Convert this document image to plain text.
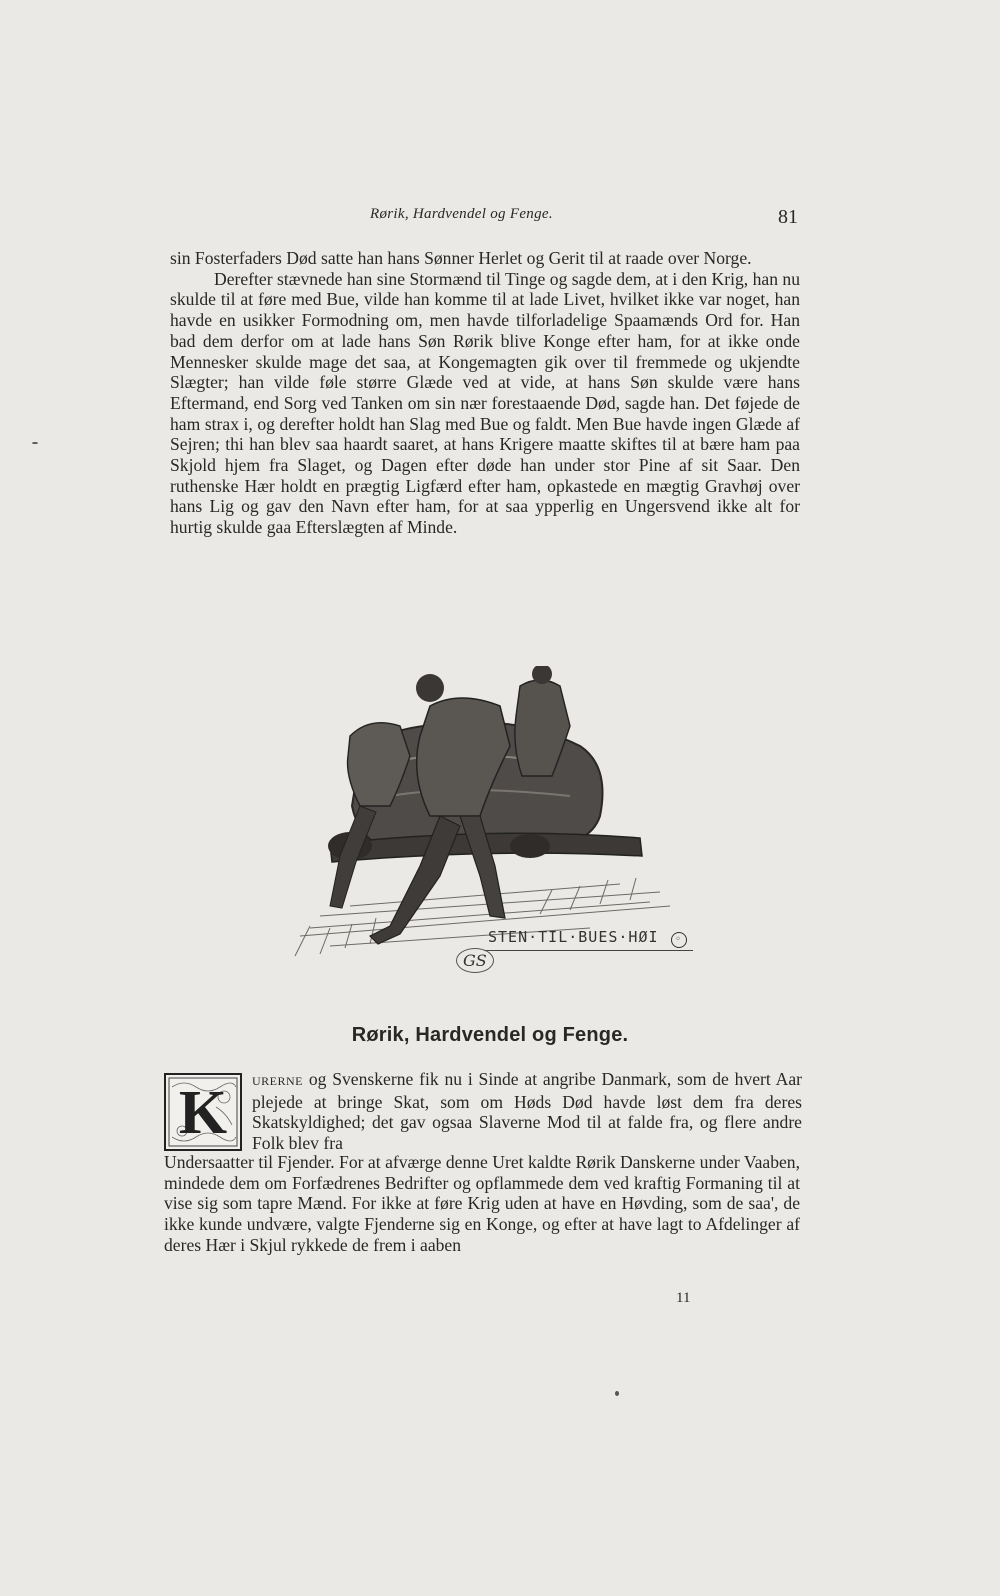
Rørik, Hardvendel og Fenge.	81

sin Fosterfaders Død satte han hans Sønner Herlet og Gerit til at raade over Norge.

Derefter stævnede han sine Stormænd til Tinge og sagde dem, at i den Krig, han nu skulde til at føre med Bue, vilde han komme til at lade Livet, hvilket ikke var noget, han havde en usikker Formodning om, men havde tilforladelige Spaamænds Ord for. Han bad dem derfor om at lade hans Søn Rørik blive Konge efter ham, for at ikke onde Mennesker skulde mage det saa, at Kongemagten gik over til fremmede og ukjendte Slægter; han vilde føle større Glæde ved at vide, at hans Søn skulde være hans Eftermand, end Sorg ved Tanken om sin nær forestaaende Død, sagde han. Det føjede de ham strax i, og derefter holdt han Slag med Bue og faldt. Men Bue havde ingen Glæde af Sejren; thi han blev saa haardt saaret, at hans Krigere maatte skiftes til at bære ham paa Skjold hjem fra Slaget, og Dagen efter døde han under stor Pine af sit Saar. Den ruthenske Hær holdt en prægtig Ligfærd efter ham, opkastede en mægtig Gravhøj over hans Lig og gav den Navn efter ham, for at saa ypperlig en Ungersvend ikke alt for hurtig skulde gaa Efterslægten af Minde.

STEN·TIL·BUES·HØI ◦
GS
Rørik, Hardvendel og Fenge.
K URERNE og Svenskerne fik nu i Sinde at angribe Danmark, som de hvert Aar plejede at bringe Skat, som om Høds Død havde løst dem fra deres Skatskyldighed; det gav ogsaa Slaverne Mod til at falde fra, og flere andre Folk blev fra

Undersaatter til Fjender. For at afværge denne Uret kaldte Rørik Danskerne under Vaaben, mindede dem om Forfædrenes Bedrifter og opflammede dem ved kraftig Formaning til at vise sig som tapre Mænd. For ikke at føre Krig uden at have en Høvding, som de saa', de ikke kunde undvære, valgte Fjenderne sig en Konge, og efter at have lagt to Afdelinger af deres Hær i Skjul rykkede de frem i aaben

11
